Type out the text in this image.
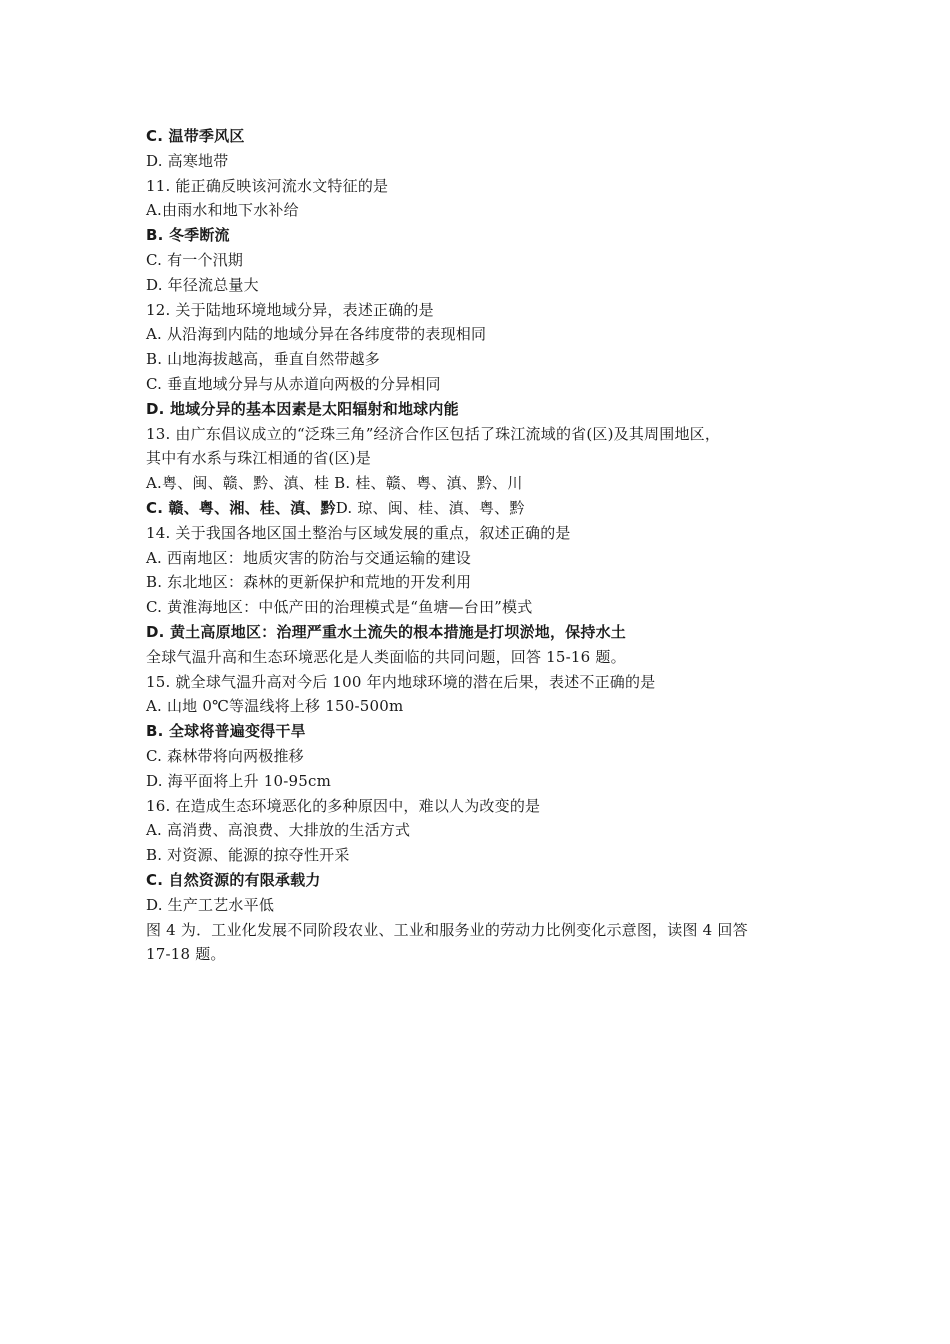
C. 温带季风区
D. 高寒地带
11. 能正确反映该河流水文特征的是
A.由雨水和地下水补给
B. 冬季断流
C. 有一个汛期
D. 年径流总量大
12. 关于陆地环境地域分异，表述正确的是
A. 从沿海到内陆的地域分异在各纬度带的表现相同
B. 山地海拔越高，垂直自然带越多
C. 垂直地域分异与从赤道向两极的分异相同
D. 地域分异的基本因素是太阳辐射和地球内能
13. 由广东倡议成立的“泛珠三角”经济合作区包括了珠江流域的省(区)及其周围地区，
其中有水系与珠江相通的省(区)是
A.粤、闽、赣、黔、滇、桂 B. 桂、赣、粤、滇、黔、川
C. 赣、粤、湘、桂、滇、黔D. 琼、闽、桂、滇、粤、黔
14. 关于我国各地区国土整治与区域发展的重点，叙述正确的是
A. 西南地区：地质灾害的防治与交通运输的建设
B. 东北地区：森林的更新保护和荒地的开发利用
C. 黄淮海地区：中低产田的治理模式是“鱼塘—台田”模式
D. 黄土高原地区：治理严重水土流失的根本措施是打坝淤地，保持水土
全球气温升高和生态环境恶化是人类面临的共同问题，回答 15-16 题。
15. 就全球气温升高对今后 100 年内地球环境的潜在后果，表述不正确的是
A. 山地 0℃等温线将上移 150-500m
B. 全球将普遍变得干旱
C. 森林带将向两极推移
D. 海平面将上升 10-95cm
16. 在造成生态环境恶化的多种原因中，难以人为改变的是
A. 高消费、高浪费、大排放的生活方式
B. 对资源、能源的掠夺性开采
C. 自然资源的有限承载力
D. 生产工艺水平低
图 4 为．工业化发展不同阶段农业、工业和服务业的劳动力比例变化示意图，读图 4 回答
17-18 题。
